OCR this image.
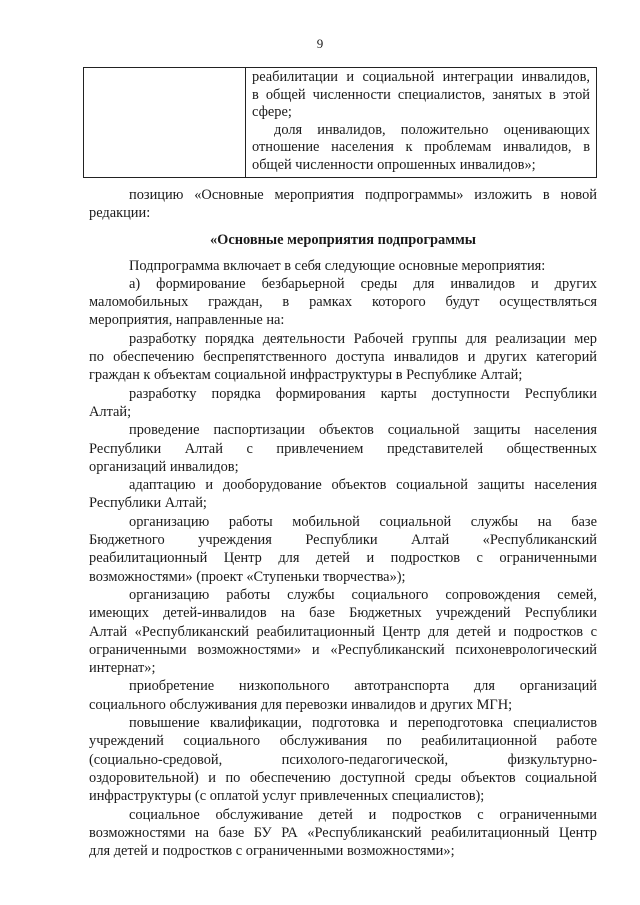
9

реабилитации и социальной интеграции инвалидов,
в общей численности специалистов, занятых в этой
сфере;
доля инвалидов, положительно оценивающих
отношение населения к проблемам инвалидов, в
общей численности опрошенных инвалидов»;
позицию «Основные мероприятия подпрограммы» изложить в новой
редакции:
«Основные мероприятия подпрограммы
Подпрограмма включает в себя следующие основные мероприятия:
а) формирование безбарьерной среды для инвалидов и других
маломобильных граждан, в рамках которого будут осуществляться
мероприятия, направленные на:
разработку порядка деятельности Рабочей группы для реализации мер
по обеспечению беспрепятственного доступа инвалидов и других категорий
граждан к объектам социальной инфраструктуры в Республике Алтай;
разработку порядка формирования карты доступности Республики
Алтай;
проведение паспортизации объектов социальной защиты населения
Республики Алтай с привлечением представителей общественных
организаций инвалидов;
адаптацию и дооборудование объектов социальной защиты населения
Республики Алтай;
организацию работы мобильной социальной службы на базе
Бюджетного учреждения Республики Алтай «Республиканский
реабилитационный Центр для детей и подростков с ограниченными
возможностями» (проект «Ступеньки творчества»);
организацию работы службы социального сопровождения семей,
имеющих детей-инвалидов на базе Бюджетных учреждений Республики
Алтай «Республиканский реабилитационный Центр для детей и подростков с
ограниченными возможностями» и «Республиканский психоневрологический
интернат»;
приобретение низкопольного автотранспорта для организаций
социального обслуживания для перевозки инвалидов и других МГН;
повышение квалификации, подготовка и переподготовка специалистов
учреждений социального обслуживания по реабилитационной работе
(социально-средовой, психолого-педагогической, физкультурно-
оздоровительной) и по обеспечению доступной среды объектов социальной
инфраструктуры (с оплатой услуг привлеченных специалистов);
социальное обслуживание детей и подростков с ограниченными
возможностями на базе БУ РА «Республиканский реабилитационный Центр
для детей и подростков с ограниченными возможностями»;
